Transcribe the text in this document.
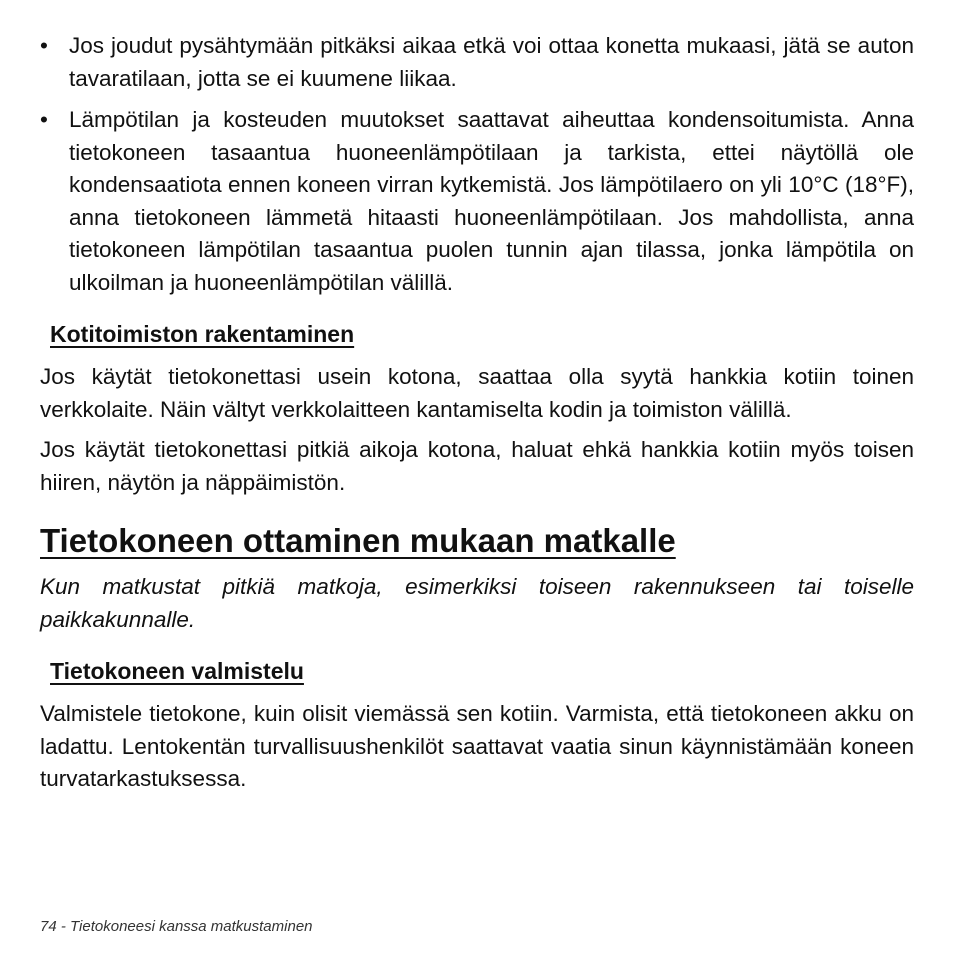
• Jos joudut pysähtymään pitkäksi aikaa etkä voi ottaa konetta mukaasi, jätä se auton tavaratilaan, jotta se ei kuumene liikaa.
• Lämpötilan ja kosteuden muutokset saattavat aiheuttaa kondensoitumista. Anna tietokoneen tasaantua huoneenlämpötilaan ja tarkista, ettei näytöllä ole kondensaatiota ennen koneen virran kytkemistä. Jos lämpötilaero on yli 10°C (18°F), anna tietokoneen lämmetä hitaasti huoneenlämpötilaan. Jos mahdollista, anna tietokoneen lämpötilan tasaantua puolen tunnin ajan tilassa, jonka lämpötila on ulkoilman ja huoneenlämpötilan välillä.
Kotitoimiston rakentaminen

Jos käytät tietokonettasi usein kotona, saattaa olla syytä hankkia kotiin toinen verkkolaite. Näin vältyt verkkolaitteen kantamiselta kodin ja toimiston välillä.

Jos käytät tietokonettasi pitkiä aikoja kotona, haluat ehkä hankkia kotiin myös toisen hiiren, näytön ja näppäimistön.

Tietokoneen ottaminen mukaan matkalle

Kun matkustat pitkiä matkoja, esimerkiksi toiseen rakennukseen tai toiselle paikkakunnalle.

Tietokoneen valmistelu

Valmistele tietokone, kuin olisit viemässä sen kotiin. Varmista, että tietokoneen akku on ladattu. Lentokentän turvallisuushenkilöt saattavat vaatia sinun käynnistämään koneen turvatarkastuksessa.

74 - Tietokoneesi kanssa matkustaminen
